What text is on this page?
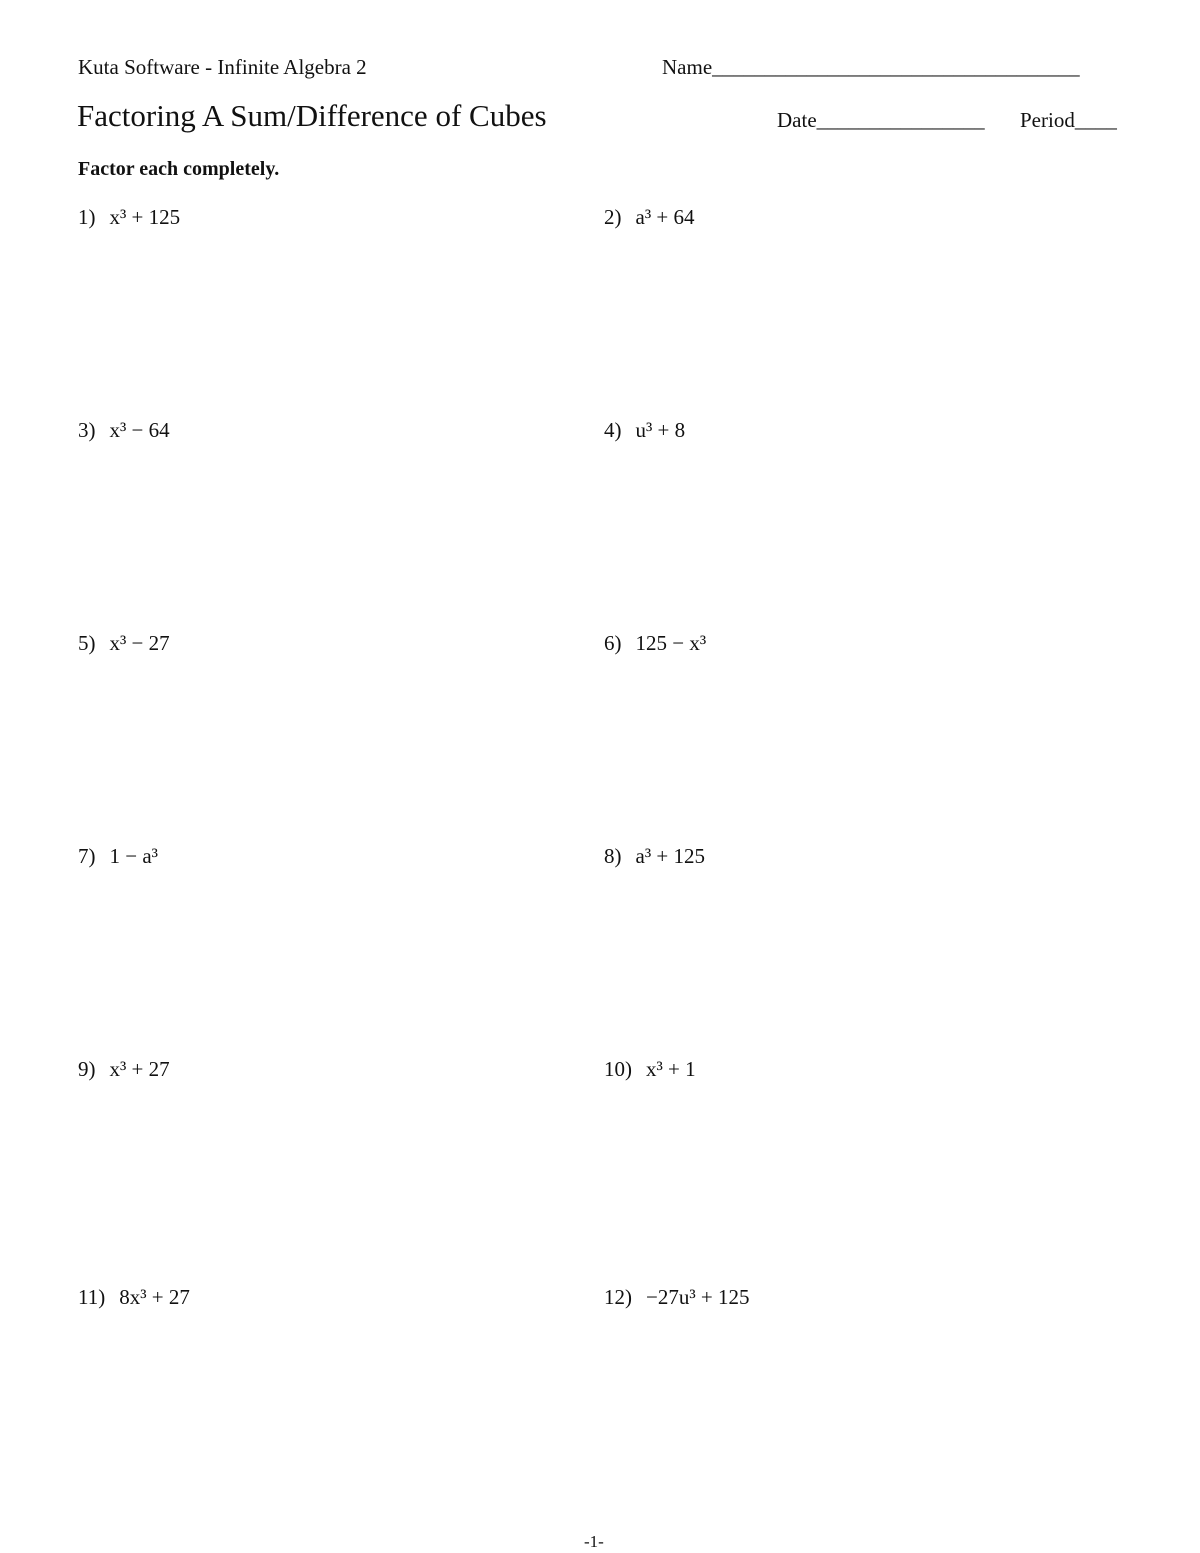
Kuta Software - Infinite Algebra 2	Name___________________________________
Factoring A Sum/Difference of Cubes	Date________________ Period____
Factor each completely.
1) x³ + 125	2) a³ + 64
3) x³ − 64	4) u³ + 8
5) x³ − 27	6) 125 − x³
7) 1 − a³	8) a³ + 125
9) x³ + 27	10) x³ + 1
11) 8x³ + 27	12) −27u³ + 125
-1-
